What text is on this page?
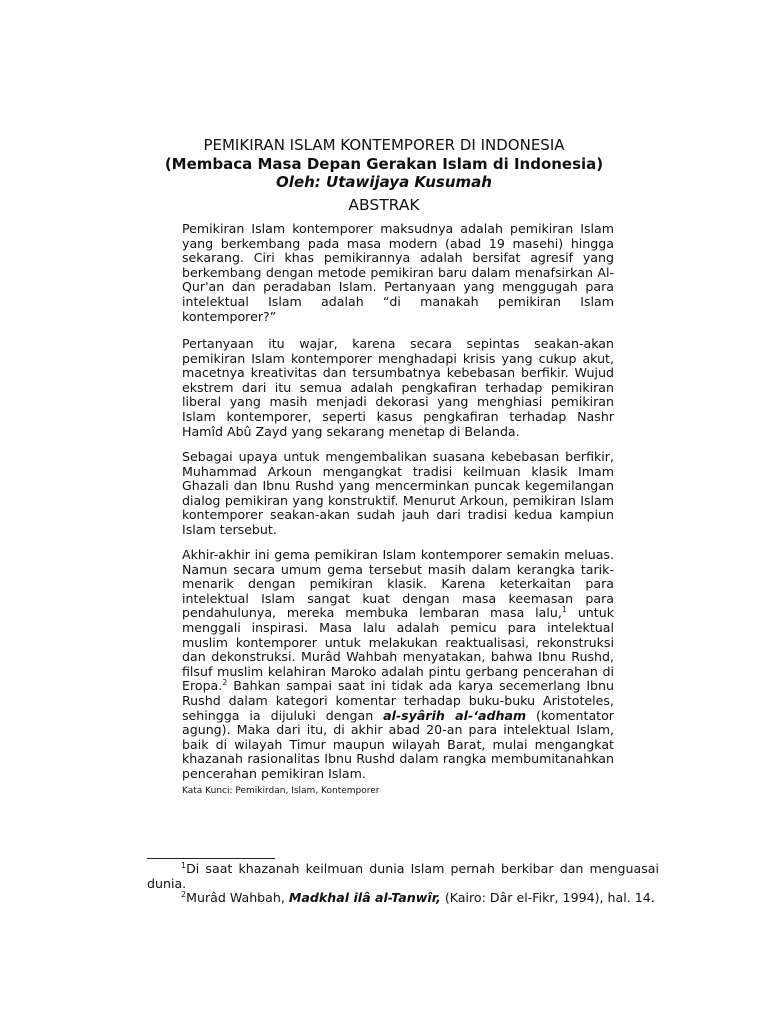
PEMIKIRAN ISLAM KONTEMPORER DI INDONESIA
(Membaca Masa Depan Gerakan Islam di Indonesia)
Oleh: Utawijaya Kusumah
ABSTRAK

Pemikiran Islam kontemporer maksudnya adalah pemikiran Islam yang berkembang pada masa modern (abad 19 masehi) hingga sekarang. Ciri khas pemikirannya adalah bersifat agresif yang berkembang dengan metode pemikiran baru dalam menafsirkan Al-Qur'an dan peradaban Islam. Pertanyaan yang menggugah para intelektual Islam adalah “di manakah pemikiran Islam kontemporer?”

Pertanyaan itu wajar, karena secara sepintas seakan-akan pemikiran Islam kontemporer menghadapi krisis yang cukup akut, macetnya kreativitas dan tersumbatnya kebebasan berfikir. Wujud ekstrem dari itu semua adalah pengkafiran terhadap pemikiran liberal yang masih menjadi dekorasi yang menghiasi pemikiran Islam kontemporer, seperti kasus pengkafiran terhadap Nashr Hamîd Abû Zayd yang sekarang menetap di Belanda.

Sebagai upaya untuk mengembalikan suasana kebebasan berfikir, Muhammad Arkoun mengangkat tradisi keilmuan klasik Imam Ghazali dan Ibnu Rushd yang mencerminkan puncak kegemilangan dialog pemikiran yang konstruktif. Menurut Arkoun, pemikiran Islam kontemporer seakan-akan sudah jauh dari tradisi kedua kampiun Islam tersebut.

Akhir-akhir ini gema pemikiran Islam kontemporer semakin meluas. Namun secara umum gema tersebut masih dalam kerangka tarik-menarik dengan pemikiran klasik. Karena keterkaitan para intelektual Islam sangat kuat dengan masa keemasan para pendahulunya, mereka membuka lembaran masa lalu,$^1$ untuk menggali inspirasi. Masa lalu adalah pemicu para intelektual muslim kontemporer untuk melakukan reaktualisasi, rekonstruksi dan dekonstruksi. Murâd Wahbah menyatakan, bahwa Ibnu Rushd, filsuf muslim kelahiran Maroko adalah pintu gerbang pencerahan di Eropa.$^2$ Bahkan sampai saat ini tidak ada karya secemerlang Ibnu Rushd dalam kategori komentar terhadap buku-buku Aristoteles, sehingga ia dijuluki dengan al-syârih al-‘adham (komentator agung). Maka dari itu, di akhir abad 20-an para intelektual Islam, baik di wilayah Timur maupun wilayah Barat, mulai mengangkat khazanah rasionalitas Ibnu Rushd dalam rangka membumitanahkan pencerahan pemikiran Islam.

Kata Kunci: Pemikirdan, Islam, Kontemporer

$^1$Di saat khazanah keilmuan dunia Islam pernah berkibar dan menguasai dunia.

$^2$Murâd Wahbah, Madkhal ilâ al-Tanwîr, (Kairo: Dâr el-Fikr, 1994), hal. 14.
